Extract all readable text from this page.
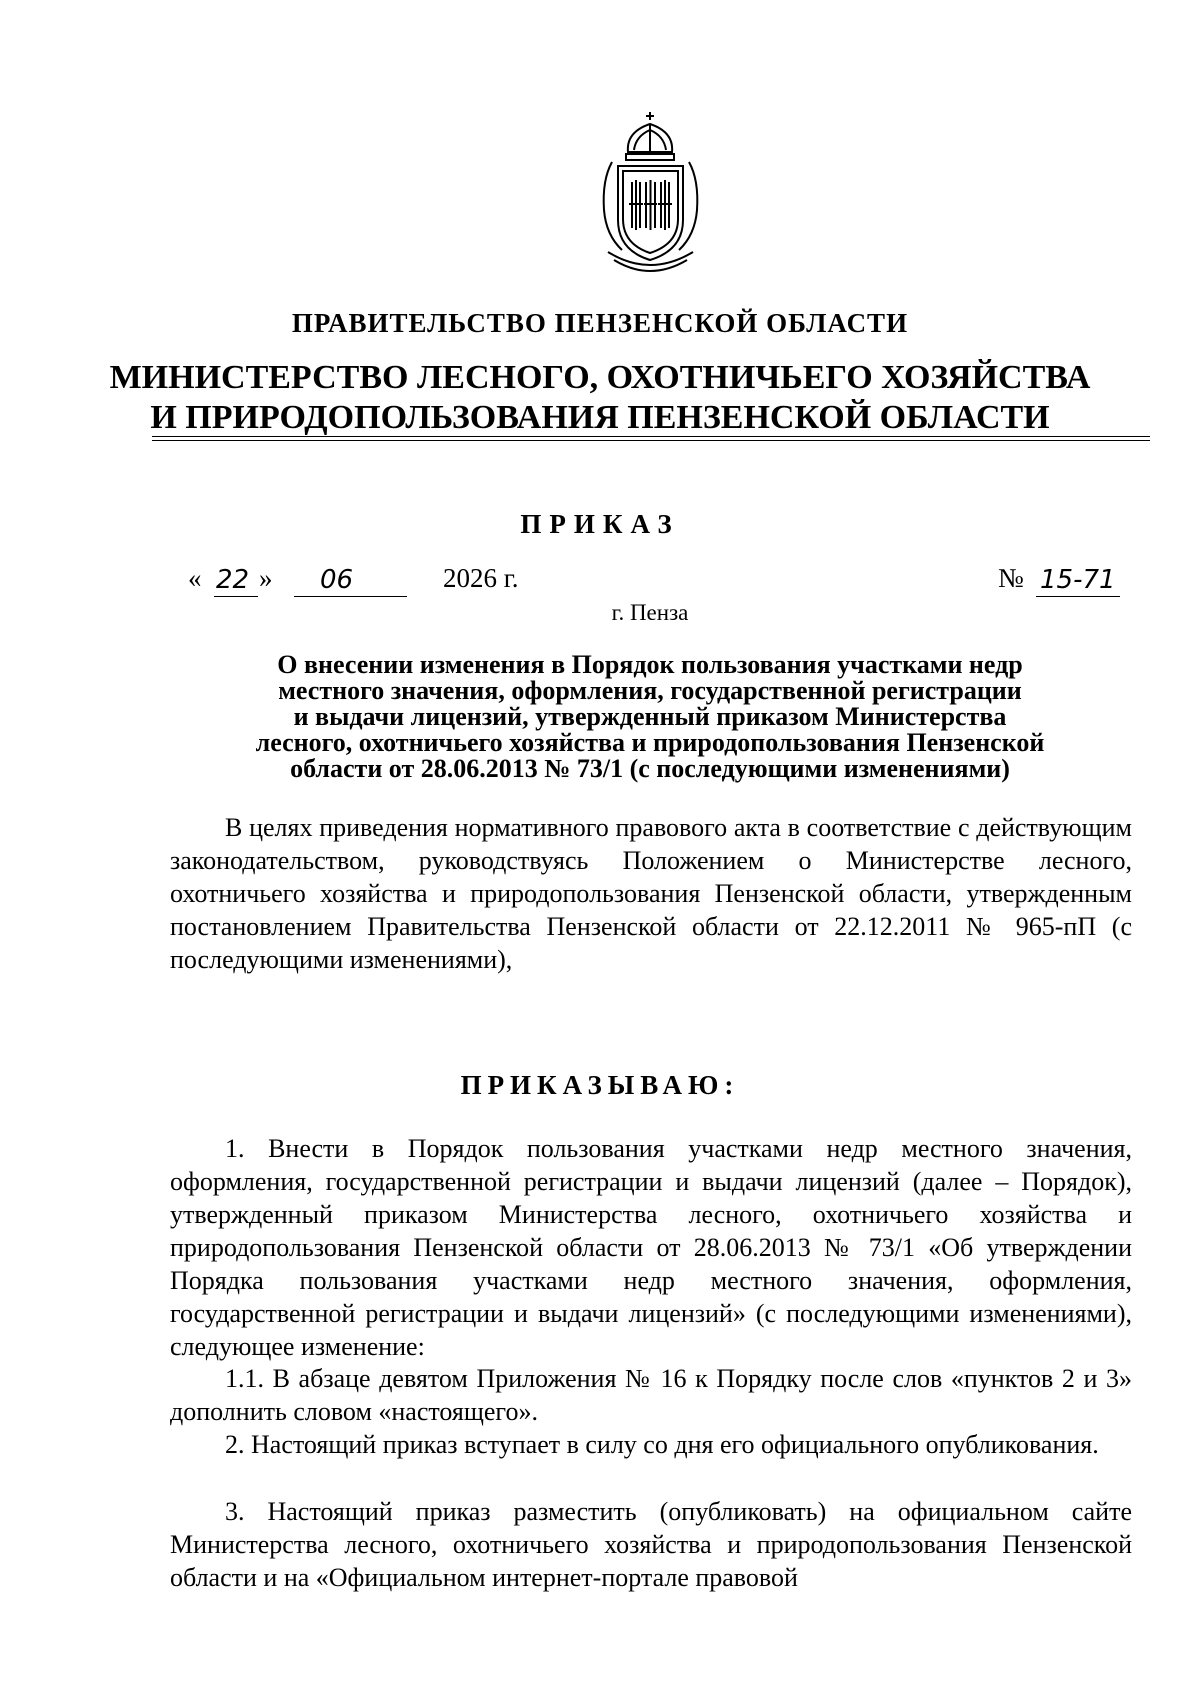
ПРАВИТЕЛЬСТВО ПЕНЗЕНСКОЙ ОБЛАСТИ
МИНИСТЕРСТВО ЛЕСНОГО, ОХОТНИЧЬЕГО ХОЗЯЙСТВА
И ПРИРОДОПОЛЬЗОВАНИЯ ПЕНЗЕНСКОЙ ОБЛАСТИ
ПРИКАЗ
« 22 » 06	2026 г.	№ 15-71
г. Пенза
О внесении изменения в Порядок пользования участками недр
местного значения, оформления, государственной регистрации
и выдачи лицензий, утвержденный приказом Министерства
лесного, охотничьего хозяйства и природопользования Пензенской
области от 28.06.2013 № 73/1 (с последующими изменениями)
В целях приведения нормативного правового акта в соответствие с действующим законодательством, руководствуясь Положением о Министерстве лесного, охотничьего хозяйства и природопользования Пензенской области, утвержденным постановлением Правительства Пензенской области от 22.12.2011 № 965-пП (с последующими изменениями),
ПРИКАЗЫВАЮ:
1. Внести в Порядок пользования участками недр местного значения, оформления, государственной регистрации и выдачи лицензий (далее – Порядок), утвержденный приказом Министерства лесного, охотничьего хозяйства и природопользования Пензенской области от 28.06.2013 № 73/1 «Об утверждении Порядка пользования участками недр местного значения, оформления, государственной регистрации и выдачи лицензий» (с последующими изменениями), следующее изменение:
1.1. В абзаце девятом Приложения № 16 к Порядку после слов «пунктов 2 и 3» дополнить словом «настоящего».
2. Настоящий приказ вступает в силу со дня его официального опубликования.
3. Настоящий приказ разместить (опубликовать) на официальном сайте Министерства лесного, охотничьего хозяйства и природопользования Пензенской области и на «Официальном интернет-портале правовой
